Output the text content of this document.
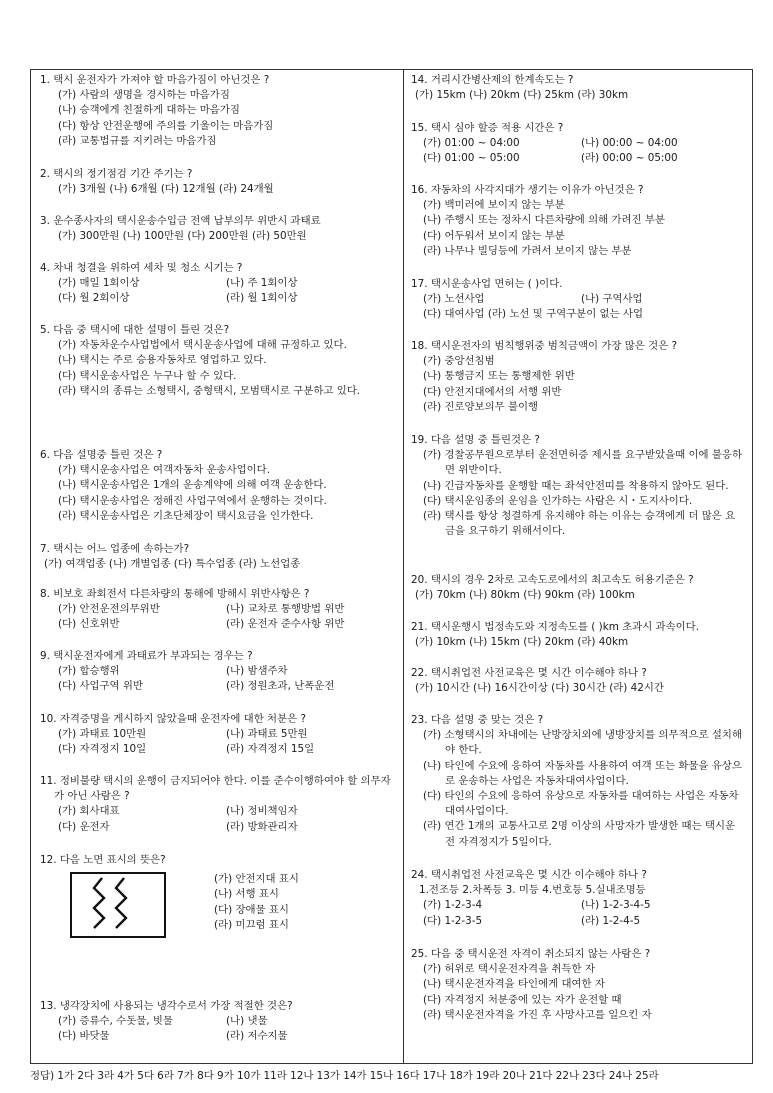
1. 택시 운전자가 가져야 할 마음가짐이 아닌것은 ?
(가) 사람의 생명을 경시하는 마음가짐
(나) 승객에게 친절하게 대하는 마음가짐
(다) 항상 안전운행에 주의를 기울이는 마음가짐
(라) 교통법규를 지키려는 마음가짐
2. 택시의 정기점검 기간 주기는 ?
(가) 3개월 (나) 6개월 (다) 12개월 (라) 24개월
3. 운수종사자의 택시운송수입금 전액 납부의무 위반시 과태료
(가) 300만원 (나) 100만원 (다) 200만원 (라) 50만원
4. 차내 청결을 위하여 세차 및 청소 시기는 ?
(가) 매일 1회이상	(나) 주 1회이상
(다) 월 2회이상	(라) 월 1회이상
5. 다음 중 택시에 대한 설명이 틀린 것은?
(가) 자동차운수사업법에서 택시운송사업에 대해 규정하고 있다.
(나) 택시는 주로 승용자동차로 영업하고 있다.
(다) 택시운송사업은 누구나 할 수 있다.
(라) 택시의 종류는 소형택시, 중형택시, 모범택시로 구분하고 있다.
6. 다음 설명중 틀린 것은 ?
(가) 택시운송사업은 여객자동차 운송사업이다.
(나) 택시운송사업은 1개의 운송계약에 의해 여객 운송한다.
(다) 택시운송사업은 정해진 사업구역에서 운행하는 것이다.
(라) 택시운송사업은 기초단체장이 택시요금을 인가한다.
7. 택시는 어느 업종에 속하는가?
(가) 여객업종 (나) 개별업종 (다) 특수업종 (라) 노선업종
8. 비보호 좌회전서 다른차량의 통해에 방해시 위반사항은 ?
(가) 안전운전의무위반	(나) 교차로 통행방법 위반
(다) 신호위반	(라) 운전자 준수사항 위반
9. 택시운전자에게 과태료가 부과되는 경우는 ?
(가) 합승행위	(나) 밤샘주차
(다) 사업구역 위반	(라) 정원초과, 난폭운전
10. 자격증명을 게시하지 않았을때 운전자에 대한 처분은 ?
(가) 과태료 10만원	(나) 과태료 5만원
(다) 자격정지 10일	(라) 자격정지 15일
11. 정비불량 택시의 운행이 금지되어야 한다. 이를 준수이행하여야 할 의무자가 아닌 사람은 ?
(가) 회사대표	(나) 정비책임자
(다) 운전자	(라) 방화관리자
12. 다음 노면 표시의 뜻은?
(가) 안전지대 표시
(나) 서행 표시
(다) 장애물 표시
(라) 미끄럼 표시
13. 냉각장치에 사용되는 냉각수로서 가장 적절한 것은?
(가) 증류수, 수돗물, 빗물	(나) 냇물
(다) 바닷물	(라) 저수지물
14. 거리시간병산제의 한계속도는 ?
(가) 15km (나) 20km (다) 25km (라) 30km
15. 택시 심야 할증 적용 시간은 ?
(가) 01:00 ~ 04:00	(나) 00:00 ~ 04:00
(다) 01:00 ~ 05:00	(라) 00:00 ~ 05:00
16. 자동차의 사각지대가 생기는 이유가 아닌것은 ?
(가) 백미러에 보이지 않는 부분
(나) 주행시 또는 정차시 다른차량에 의해 가려진 부분
(다) 어두워서 보이지 않는 부분
(라) 나무나 빌딩등에 가려서 보이지 않는 부분
17. 택시운송사업 면허는 ( )이다.
(가) 노선사업	(나) 구역사업
(다) 대여사업 (라) 노선 및 구역구분이 없는 사업
18. 택시운전자의 범칙행위중 범칙금액이 가장 많은 것은 ?
(가) 중앙선침범
(나) 통행금지 또는 통행제한 위반
(다) 안전지대에서의 서행 위반
(라) 진로양보의무 불이행
19. 다음 설명 중 틀린것은 ?
(가) 경찰공무원으로부터 운전면허증 제시를 요구받았을때 이에 불응하면 위반이다.
(나) 긴급자동차를 운행할 때는 좌석안전띠를 착용하지 않아도 된다.
(다) 택시운임종의 운임을 인가하는 사람은 시・도지사이다.
(라) 택시를 항상 청결하게 유지해야 하는 이유는 승객에게 더 많은 요금을 요구하기 위해서이다.
20. 택시의 경우 2차로 고속도로에서의 최고속도 허용기준은 ?
(가) 70km (나) 80km (다) 90km (라) 100km
21. 택시운행시 법정속도와 지정속도를 ( )km 초과시 과속이다.
(가) 10km (나) 15km (다) 20km (라) 40km
22. 택시취업전 사전교육은 몇 시간 이수해야 하나 ?
(가) 10시간 (나) 16시간이상 (다) 30시간 (라) 42시간
23. 다음 설명 중 맞는 것은 ?
(가) 소형택시의 차내에는 난방장치외에 냉방장치를 의무적으로 설치해야 한다.
(나) 타인에 수요에 응하여 자동차를 사용하여 여객 또는 화물을 유상으로 운송하는 사업은 자동차대여사업이다.
(다) 타인의 수요에 응하여 유상으로 자동차를 대여하는 사업은 자동차대여사업이다.
(라) 연간 1개의 교통사고로 2명 이상의 사망자가 발생한 때는 택시운전 자격정지가 5일이다.
24. 택시취업전 사전교육은 몇 시간 이수해야 하나 ?
1.전조등 2.차폭등 3. 미등 4.번호등 5.실내조명등
(가) 1-2-3-4	(나) 1-2-3-4-5
(다) 1-2-3-5	(라) 1-2-4-5
25. 다음 중 택시운전 자격이 취소되지 않는 사람은 ?
(가) 허위로 택시운전자격을 취득한 자
(나) 택시운전자격을 타인에게 대여한 자
(다) 자격정지 처분중에 있는 자가 운전할 때
(라) 택시운전자격을 가진 후 사망사고를 일으킨 자
정답) 1가 2다 3라 4가 5다 6라 7가 8다 9가 10가 11라 12나 13가 14가 15나 16다 17나 18가 19라 20나 21다 22나 23다 24나 25라
